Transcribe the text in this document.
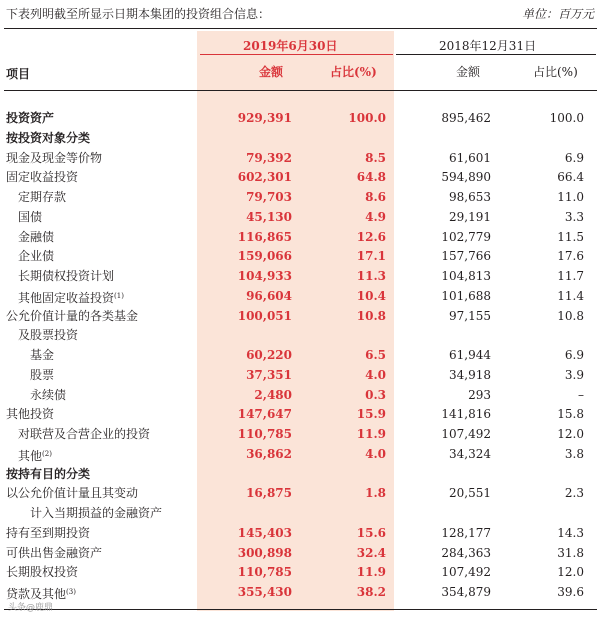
下表列明截至所显示日期本集团的投资组合信息：	单位：百万元
2019年6月30日	2018年12月31日
项目	金额	占比(%)	金额	占比(%)
投资资产	929,391	100.0	895,462	100.0
按投资对象分类
现金及现金等价物	79,392	8.5	61,601	6.9
固定收益投资	602,301	64.8	594,890	66.4
定期存款	79,703	8.6	98,653	11.0
国债	45,130	4.9	29,191	3.3
金融债	116,865	12.6	102,779	11.5
企业债	159,066	17.1	157,766	17.6
长期债权投资计划	104,933	11.3	104,813	11.7
其他固定收益投资$^{(1)}$	96,604	10.4	101,688	11.4
公允价值计量的各类基金	100,051	10.8	97,155	10.8
及股票投资
基金	60,220	6.5	61,944	6.9
股票	37,351	4.0	34,918	3.9
永续债	2,480	0.3	293	–
其他投资	147,647	15.9	141,816	15.8
对联营及合营企业的投资	110,785	11.9	107,492	12.0
其他$^{(2)}$	36,862	4.0	34,324	3.8
按持有目的分类
以公允价值计量且其变动	16,875	1.8	20,551	2.3
计入当期损益的金融资产
持有至到期投资	145,403	15.6	128,177	14.3
可供出售金融资产	300,898	32.4	284,363	31.8
长期股权投资	110,785	11.9	107,492	12.0
贷款及其他$^{(3)}$	355,430	38.2	354,879	39.6
头条@鹿鼎
